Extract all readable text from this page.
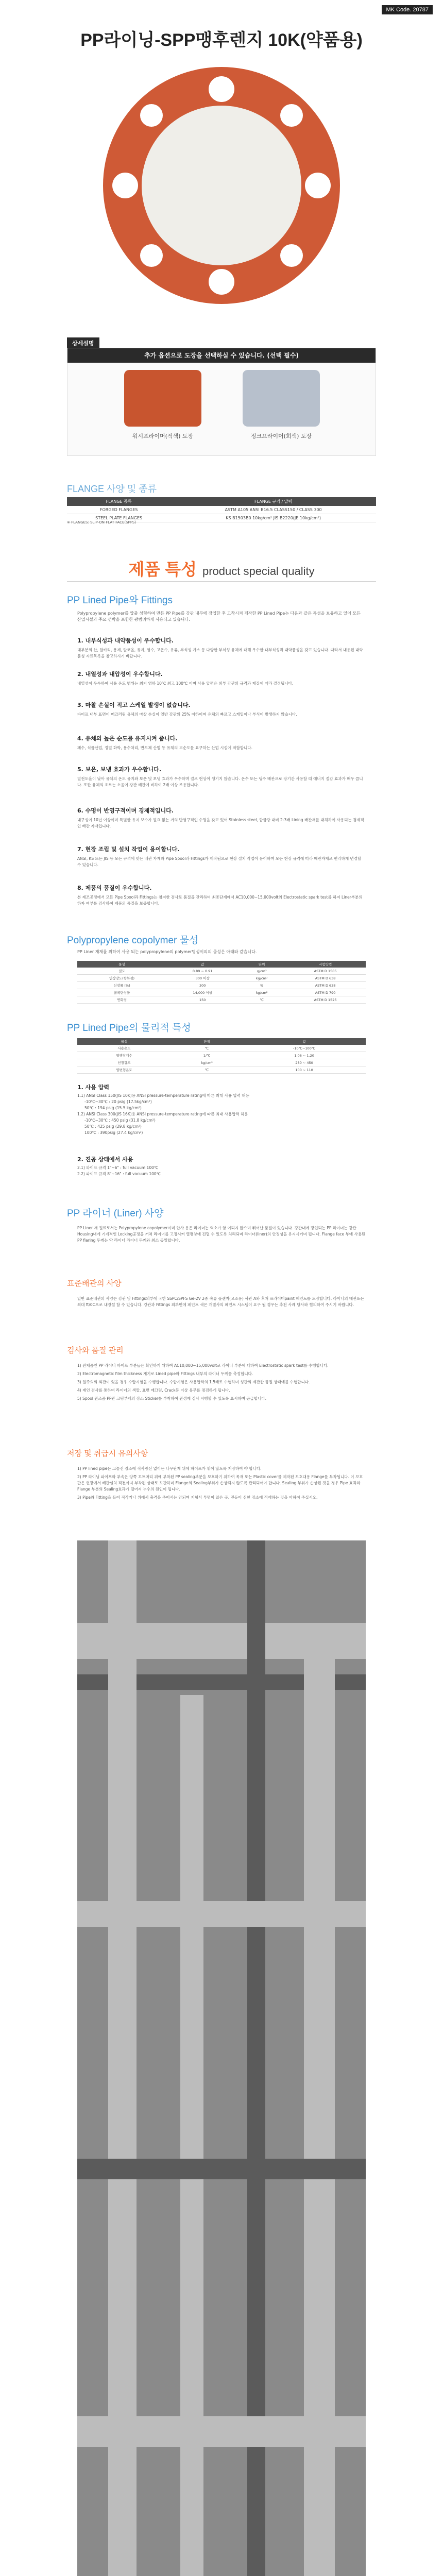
MK Code. 20787
PP라이닝-SPP맹후렌지 10K(약품용)
상세설명
추가 옵션으로 도장을 선택하실 수 있습니다. (선택 필수)
워시프라이머(적색) 도장	징크프라이머(회색) 도장
FLANGE 사양 및 종류
FLANGE 종류	FLANGE 규격 / 압력
FORGED FLANGES	ASTM A105 ANSI B16.5 CLASS150 / CLASS 300
STEEL PLATE FLANGES	KS B1503B0 10kg/cm² JIS B2220(JE 10kg/cm²)
※ FLANGES: SLIP-ON FLAT FACE(SPFS)
제품 특성 product special quality
PP Lined Pipe와 Fittings
Polypropylene polymer를 압출 성형하여 만든 PP Pipe를 강관 내부에 장입한 후 고착시켜 제작한 PP Lined Pipe는 다음과 같은 특성을 보유하고 있어 모든 산업시설과 주요 선박을 포함한 광범위하게 사용되고 있습니다.
1. 내부식성과 내약품성이 우수합니다.

대부분의 산, 알카리, 용제, 알코올, 유지, 염수, 고온수, 유류, 부식성 가스 등 다양한 부식성 유체에 대해 우수한 내부식성과 내약품성을 갖고 있습니다. 따라서 내용된 내약품성 자료목록을 참고하시기 바랍니다.

2. 내열성과 내압성이 우수합니다.

내열성이 우수하여 사용 온도 범위는 최저 영하 10℃ 최고 100℃ 이며 사용 압력은 외부 강관의 규격과 재질에 따라 결정됩니다.

3. 마찰 손실이 적고 스케일 발생이 없습니다.

파이프 내부 표면이 매끄러워 유체의 마찰 손실이 일반 강관의 25% 이하이며 유체의 빠르고 스케일이나 부식이 발생하지 않습니다.

4. 유체의 높은 순도를 유지시켜 줍니다.

폐수, 식품산업, 정밀 화학, 용수처리, 반도체 산업 등 유체의 고순도를 요구하는 산업 시설에 적합합니다.

5. 보온, 보냉 효과가 우수합니다.

열전도율이 낮아 유체의 온도 유지와 보온 및 보냉 효과가 우수하며 결로 현상이 생기지 않습니다. 온수 또는 냉수 배관으로 장기간 사용할 때 에너지 절감 효과가 매우 큽니다. 또한 유체의 흐르는 소음이 강관 배관에 비하여 2배 이상 조용합니다.

6. 수명이 반영구적이며 경제적입니다.

내구성이 10년 이상이며 특별한 유지 보수가 필요 없는 거의 반영구적인 수명을 갖고 있어 Stainless steel, 합금강 대비 2-3배 Lining 배관재를 대체하여 사용되는 경제적인 배관 자재입니다.

7. 현장 조립 및 설치 작업이 용이합니다.

ANSI, KS 또는 JIS 등 모든 규격에 맞는 배관 자재와 Pipe Spool과 Fittings가 제작됨으로 현장 설치 작업이 용이하며 모든 현장 규격에 따라 배관자재로 편리하게 변경할 수 있습니다.

8. 제품의 품질이 우수합니다.

본 제조공정에서 모든 Pipe Spool과 Fittings는 철저한 검사로 품질을 관리하며 최종단계에서 AC10,000~15,000volt의 Electrostatic spark test를 하여 Liner부분의 하자 여부를 검사하여 제품의 품질을 보증합니다.

Polypropylene copolymer 물성
PP Liner 재재를 위하여 사용 되는 polypropylene의 polymer명성이의의 물성은 아래와 같습니다.
물성	값	단위	시험방법
밀도	0.89 ~ 0.91	g/cm³	ASTM D 1505
인장강도(항복점)	300 이상	kg/cm²	ASTM D 638
신장률 (%)	300	%	ASTM D 638
굴곡탄성률	14,000 이상	kg/cm²	ASTM D 790
연화점	150	℃	ASTM D 1525
PP Lined Pipe의 물리적 특성
물성	단위	값
사용온도	℃	-10℃~100℃
열팽창계수	1/℃	1.06 ~ 1.20
인장강도	kg/cm²	280 ~ 450
열변형온도	℃	100 ~ 110
1. 사용 압력
1.1) ANSI Class 150(JIS 10K)용 ANSI pressure-temperature rating에 따른 최대 사용 압력 허용
-10℃~30℃ : 20 psig (17.5kg/cm²)
50℃ : 194 psig (15.5 kg/cm²)
1.2) ANSI Class 300(JIS 16K)용 ANSI pressure-temperature rating에 따른 최대 사용압력 허용
-10℃~30℃ : 450 psig (31.8 kg/cm²)
50℃ : 425 psig (29.8 kg/cm²)
100℃ : 390psig (27.4 kg/cm²)
2. 진공 상태에서 사용
2.1) 파이프 규격 1"~6" : full vacuum 100℃
2.2) 파이프 규격 8"~16" : full vacuum 100℃
PP 라이너 (Liner) 사양
PP Liner 재 원료로서는 Polypropylene copolymer이며 압사 용은 라이너는 역소가 함 이되지 않으며 뛰어난 품질이 있습니다. 강관내에 장입되는 PP 라이너는 강관 Housing내에 기계적인 Locking공정을 거쳐 라이너를 고정시켜 열팽창에 견딜 수 있도록 처리되며 라이너(liner)의 안정성을 유지시키며 됩니다. Flange face 부에 사용된 PP flaring 두께는 약 라이너 라이너 두께와 최소 동일합니다.
표준배관의 사양
일반 표준배관의 사양은 강관 및 Fittings의부에 국한 SSPC/SPFS Ge-2V 2종 숙류 플랜지(고조용) 사관 A와 후처 프라이머paint 페인트를 도장합니다. 라이너의 배관또는 최대 ft/0C으로 내장설 할 수 있습니다. 강관과 Fittings 외부면에 페인트 색은 개별사의 페인트 시스템이 요구 될 경우는 추천 사례 당사와 협의하여 주시기 바랍니다.
검사와 품질 관리
1) 완제품인 PP 라이너 파이프 부분들은 확인하기 위하여 AC10,000~15,000volt로 라이너 부분에 대하여 Electrostatic spark test를 수행합니다.
2) Electromagnetic film thickness 게기로 Lined pipe와 Fittings 내부의 라이너 두께를 측정합니다.
3) 일주의의 외관이 있을 경우 수압시험을 수행합니다. 수압시험은 사용압력의 1.5배로 수행하며 성관의 제관한 품질 상태에를 수행합니다.
4) 제인 검사를 통하여 라이너의 색깔, 표면 매끄럼, Crack등 이상 유무를 점검하게 됩니다.
5) Spool 완조품 PP관 코팅부재의 장소 Sticker를 부착하여 완성제 검사 시행할 수 있도록 표시하며 공급합니다.
저장 및 취급시 유의사항
1) PP lined pipe는 그늘진 장소에 직사광선 없이는 나무판재 위에 파이프가 휘어 않도록 저장하여 야 합니다.
2) PP 라이닝 파이프와 부속은 양쪽 끄트머리 위에 부착된 PP sealing부분을 보호하기 위하여 목재 또는 Plastic cover를 제작된 보호대용 Flange를 부착됩니다. 이 보호판은 현장에서 배관설치 직전까지 부착된 상태로 보관하며 Flange의 Sealing부위가 손상되지 않도록 관리되어야 합니다. Sealing 부위가 손상된 것을 경우 Pipe 효과와 Flange 부분의 Sealing효과가 떨어져 누수의 원인이 됩니다.
3) Pipe와 Fitting을 들어 직각기나 위에서 충격을 주어서는 안되며 지형서 투명이 않은 곳, 진동이 심한 장소에 적재하는 것을 피하여 주십시오.
